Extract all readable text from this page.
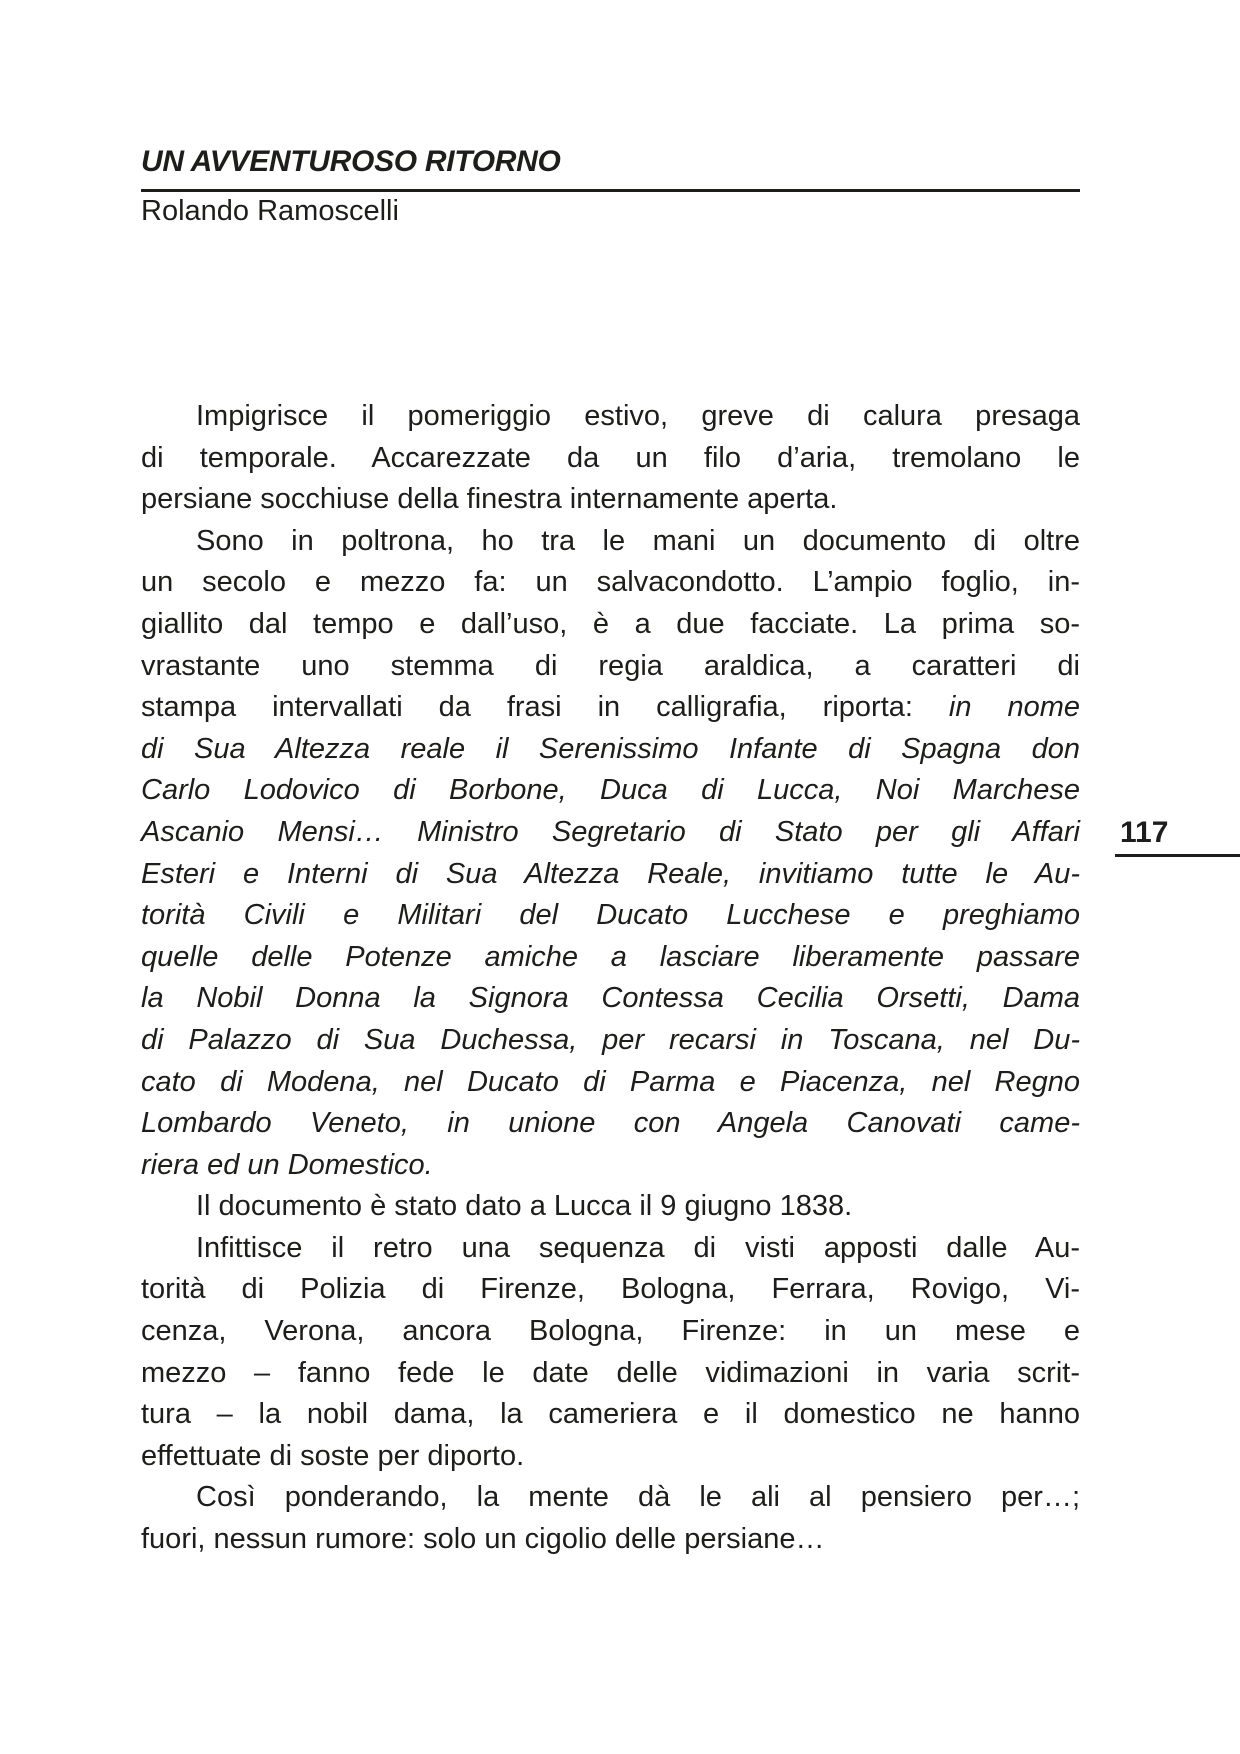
UN AVVENTUROSO RITORNO
Rolando Ramoscelli
Impigrisce il pomeriggio estivo, greve di calura presaga
di temporale. Accarezzate da un filo d’aria, tremolano le
persiane socchiuse della finestra internamente aperta.
Sono in poltrona, ho tra le mani un documento di oltre
un secolo e mezzo fa: un salvacondotto. L’ampio foglio, in-
giallito dal tempo e dall’uso, è a due facciate. La prima so-
vrastante uno stemma di regia araldica, a caratteri di
stampa intervallati da frasi in calligrafia, riporta: in nome
di Sua Altezza reale il Serenissimo Infante di Spagna don
Carlo Lodovico di Borbone, Duca di Lucca, Noi Marchese
Ascanio Mensi… Ministro Segretario di Stato per gli Affari
Esteri e Interni di Sua Altezza Reale, invitiamo tutte le Au-
torità Civili e Militari del Ducato Lucchese e preghiamo
quelle delle Potenze amiche a lasciare liberamente passare
la Nobil Donna la Signora Contessa Cecilia Orsetti, Dama
di Palazzo di Sua Duchessa, per recarsi in Toscana, nel Du-
cato di Modena, nel Ducato di Parma e Piacenza, nel Regno
Lombardo Veneto, in unione con Angela Canovati came-
riera ed un Domestico.
Il documento è stato dato a Lucca il 9 giugno 1838.
Infittisce il retro una sequenza di visti apposti dalle Au-
torità di Polizia di Firenze, Bologna, Ferrara, Rovigo, Vi-
cenza, Verona, ancora Bologna, Firenze: in un mese e
mezzo – fanno fede le date delle vidimazioni in varia scrit-
tura – la nobil dama, la cameriera e il domestico ne hanno
effettuate di soste per diporto.
Così ponderando, la mente dà le ali al pensiero per…;
fuori, nessun rumore: solo un cigolio delle persiane…
117
